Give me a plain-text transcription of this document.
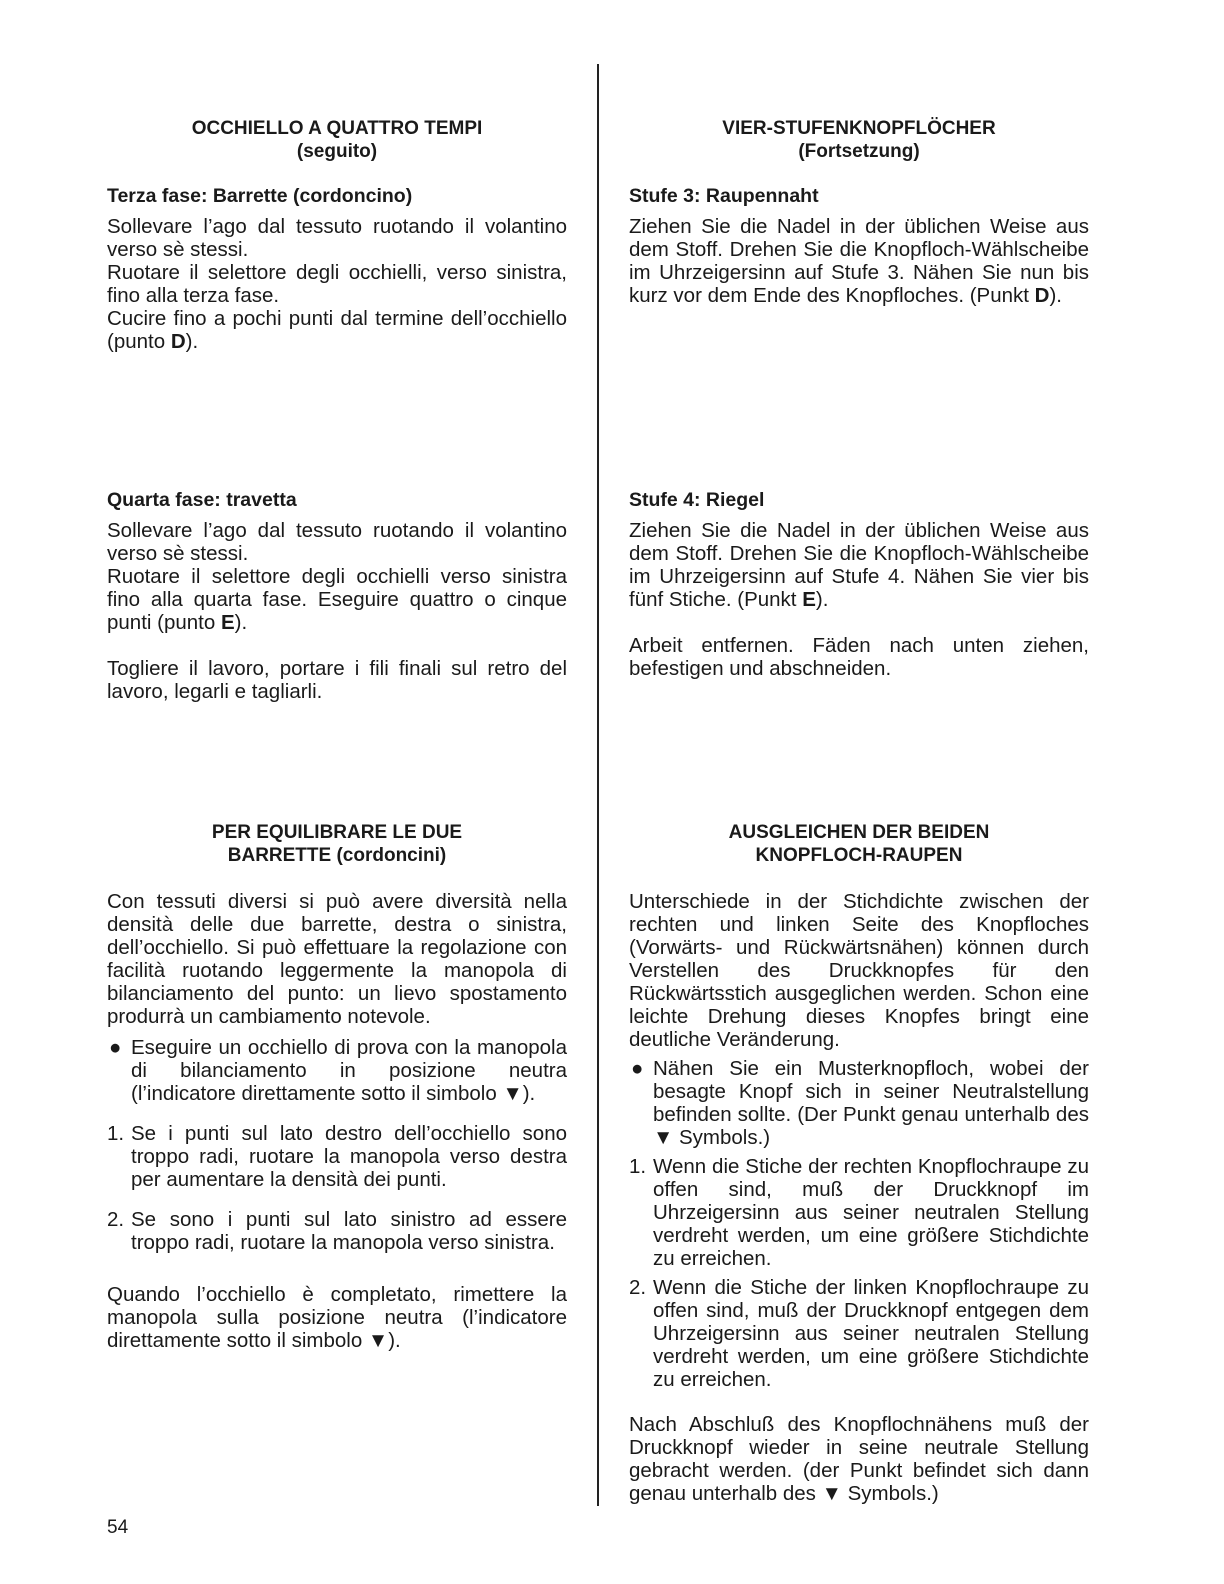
OCCHIELLO A QUATTRO TEMPI
(seguito)
Terza fase: Barrette (cordoncino)

Sollevare l’ago dal tessuto ruotando il volantino verso sè stessi.

Ruotare il selettore degli occhielli, verso sinistra, fino alla terza fase.

Cucire fino a pochi punti dal termine dell’occhiello (punto D).

Quarta fase: travetta

Sollevare l’ago dal tessuto ruotando il volantino verso sè stessi.

Ruotare il selettore degli occhielli verso sinistra fino alla quarta fase. Eseguire quattro o cinque punti (punto E).

Togliere il lavoro, portare i fili finali sul retro del lavoro, legarli e tagliarli.

PER EQUILIBRARE LE DUE
BARRETTE (cordoncini)

Con tessuti diversi si può avere diversità nella densità delle due barrette, destra o sinistra, dell’occhiello. Si può effettuare la regolazione con facilità ruotando leggermente la manopola di bilanciamento del punto: un lievo spostamento produrrà un cambiamento notevole.

● Eseguire un occhiello di prova con la manopola di bilanciamento in posizione neutra (l’indicatore direttamente sotto il simbolo ▼).
1. Se i punti sul lato destro dell’occhiello sono troppo radi, ruotare la manopola verso destra per aumentare la densità dei punti.
2. Se sono i punti sul lato sinistro ad essere troppo radi, ruotare la manopola verso sinistra.

Quando l’occhiello è completato, rimettere la manopola sulla posizione neutra (l’indicatore direttamente sotto il simbolo ▼).

VIER-STUFENKNOPFLÖCHER
(Fortsetzung)
Stufe 3: Raupennaht

Ziehen Sie die Nadel in der üblichen Weise aus dem Stoff. Drehen Sie die Knopfloch-Wählscheibe im Uhrzeigersinn auf Stufe 3. Nähen Sie nun bis kurz vor dem Ende des Knopfloches. (Punkt D).

Stufe 4: Riegel

Ziehen Sie die Nadel in der üblichen Weise aus dem Stoff. Drehen Sie die Knopfloch-Wählscheibe im Uhrzeigersinn auf Stufe 4. Nähen Sie vier bis fünf Stiche. (Punkt E).

Arbeit entfernen. Fäden nach unten ziehen, befestigen und abschneiden.

AUSGLEICHEN DER BEIDEN
KNOPFLOCH-RAUPEN

Unterschiede in der Stichdichte zwischen der rechten und linken Seite des Knopfloches (Vorwärts- und Rückwärtsnähen) können durch Verstellen des Druckknopfes für den Rückwärtsstich ausgeglichen werden. Schon eine leichte Drehung dieses Knopfes bringt eine deutliche Veränderung.

● Nähen Sie ein Musterknopfloch, wobei der besagte Knopf sich in seiner Neutralstellung befinden sollte. (Der Punkt genau unterhalb des ▼ Symbols.)
1. Wenn die Stiche der rechten Knopflochraupe zu offen sind, muß der Druckknopf im Uhrzeigersinn aus seiner neutralen Stellung verdreht werden, um eine größere Stichdichte zu erreichen.
2. Wenn die Stiche der linken Knopflochraupe zu offen sind, muß der Druckknopf entgegen dem Uhrzeigersinn aus seiner neutralen Stellung verdreht werden, um eine größere Stichdichte zu erreichen.

Nach Abschluß des Knopflochnähens muß der Druckknopf wieder in seine neutrale Stellung gebracht werden. (der Punkt befindet sich dann genau unterhalb des ▼ Symbols.)

54
